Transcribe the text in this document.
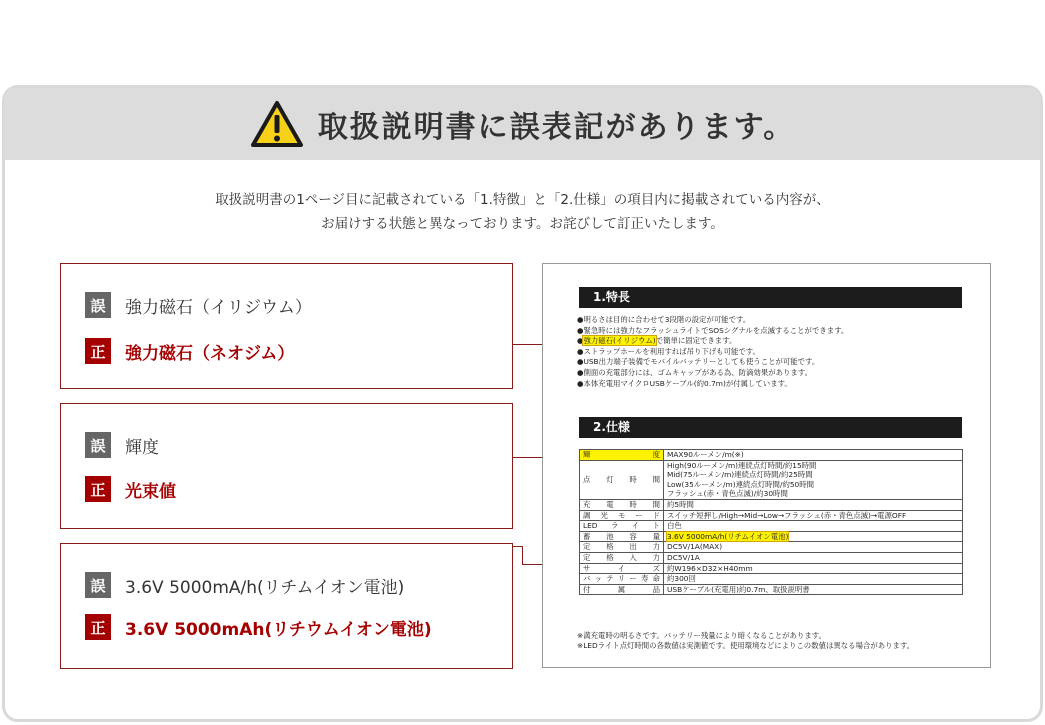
取扱説明書に誤表記があります。
取扱説明書の1ページ目に記載されている「1.特徴」と「2.仕様」の項目内に掲載されている内容が、
お届けする状態と異なっております。お詫びして訂正いたします。
誤	強力磁石（イリジウム）
正	強力磁石（ネオジム）
誤	輝度
正	光束値
誤	3.6V 5000mA/h(リチムイオン電池)
正	3.6V 5000mAh(リチウムイオン電池)
1.特長
●明るさは目的に合わせて3段階の設定が可能です。
●緊急時には強力なフラッシュライトでSOSシグナルを点滅することができます。
●強力磁石(イリジウム)で簡単に固定できます。
●ストラップホールを利用すれば吊り下げも可能です。
●USB出力端子装備でモバイルバッテリーとしても使うことが可能です。
●側面の充電部分には、ゴムキャップがある為、防滴効果があります。
●本体充電用マイクロUSBケーブル(約0.7m)が付属しています。
2.仕様
輝度	MAX90ルーメン/m(※)
点灯時間	High(90ルーメン/m)連続点灯時間/約15時間
Mid(75ルーメン/m)連続点灯時間/約25時間
Low(35ルーメン/m)連続点灯時間/約50時間
フラッシュ(赤・青色点滅)/約30時間

充電時間	約5時間
調光モード	スイッチ短押し/High→Mid→Low→フラッシュ(赤・青色点滅)→電源OFF
LEDライト	白色
蓄池容量	3.6V 5000mA/h(リチムイオン電池)
定格出力	DC5V/1A(MAX)
定格入力	DC5V/1A
サイズ	約W196×D32×H40mm
バッテリー寿命	約300回
付属品	USBケーブル(充電用)約0.7m、取扱説明書
※満充電時の明るさです。バッテリー残量により暗くなることがあります。
※LEDライト点灯時間の各数値は実測値です。使用環境などによりこの数値は異なる場合があります。
